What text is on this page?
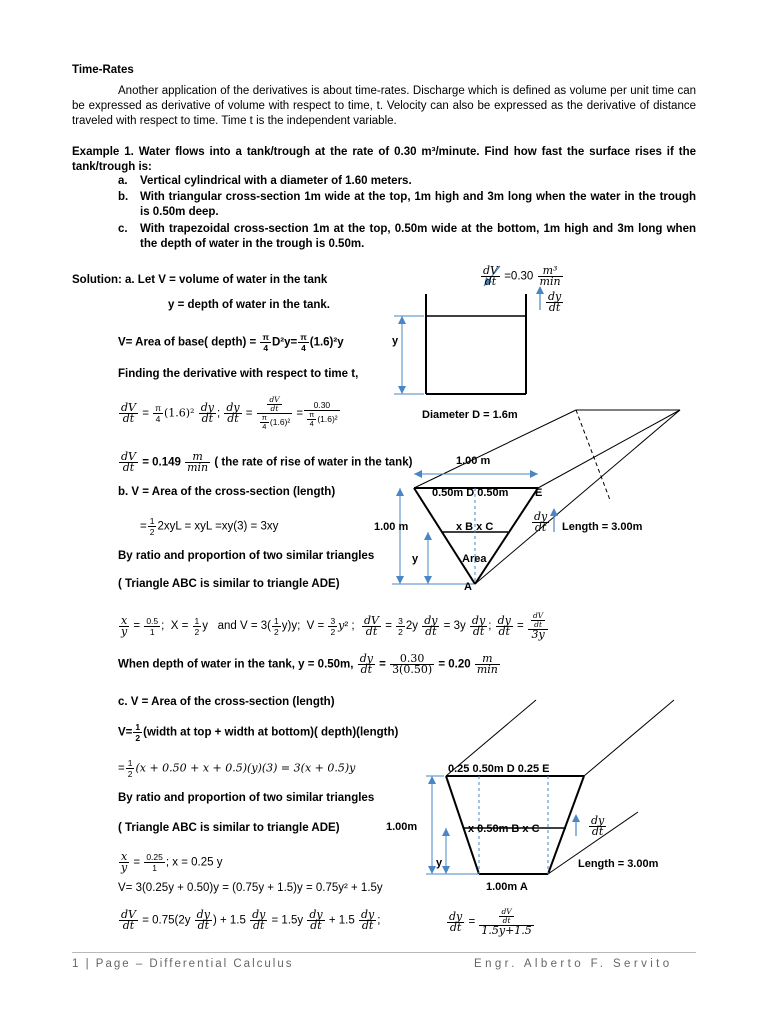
Time-Rates
Another application of the derivatives is about time-rates. Discharge which is defined as volume per unit time can be expressed as derivative of volume with respect to time, t. Velocity can also be expressed as the derivative of distance traveled with respect to time. Time t is the independent variable.
Example 1. Water flows into a tank/trough at the rate of 0.30 m³/minute. Find how fast the surface rises if the tank/trough is:
a. Vertical cylindrical with a diameter of 1.60 meters.
b. With triangular cross-section 1m wide at the top, 1m high and 3m long when the water in the trough is 0.50m deep.
c. With trapezoidal cross-section 1m at the top, 0.50m wide at the bottom, 1m high and 3m long when the depth of water in the trough is 0.50m.
Solution: a. Let V = volume of water in the tank
y = depth of water in the tank.
V= Area of base( depth) = $\frac{\pi}{4} D^2y= \frac{\pi}{4} (1.6)^2y$
Finding the derivative with respect to time t,
$\frac{dV}{dt} = \frac{\pi}{4} (1.6)^2 \frac{dy}{dt}$ ; $\frac{dy}{dt} = \frac{\frac{dV}{dt}}{\frac{\pi}{4} (1.6)^2} = \frac{0.30}{\frac{\pi}{4} (1.6)^2}$
$\frac{dV}{dt} = 0.149 \frac{m}{\min}$ ( the rate of rise of water in the tank)
b. V = Area of the cross-section (length)
= $\frac{1}{2} 2xyL$ = xyL =xy(3) = 3xy
By ratio and proportion of two similar triangles
( Triangle ABC is similar to triangle ADE)
$\frac{x}{y} = \frac{0.5}{1}$ ;  $X = \frac{1}{2}$ y   and $V = 3( \frac{1}{2} y)y$;  $V = \frac{3}{2} y^2$ ; $\frac{dV}{dt} = \frac{3}{2} 2y \frac{dy}{dt} = 3y \frac{dy}{dt}$ ; $\frac{dy}{dt} = \frac{\frac{dV}{dt}}{3y}$
When depth of water in the tank, y = 0.50m, $\frac{dy}{dt} = \frac{0.30}{3(0.50)} = 0.20 \frac{m}{\min}$
c. V = Area of the cross-section (length)
$V= \frac{1}{2}$ (width at top + width at bottom)( depth)(length)
= $\frac{1}{2} (x + 0.50 + x + 0.5)(y)(3) = 3(x + 0.5)y$
By ratio and proportion of two similar triangles
( Triangle ABC is similar to triangle ADE)
$\frac{x}{y} = \frac{0.25}{1}$ ; x = 0.25 y
V= 3(0.25y + 0.50)y = (0.75y + 1.5)y = 0.75y² + 1.5y
$\frac{dV}{dt} = 0.75(2y \frac{dy}{dt}$ ) + $1.5 \frac{dy}{dt} = 1.5y \frac{dy}{dt} + 1.5 \frac{dy}{dt}$ ;	$\frac{dy}{dt} = \frac{\frac{dV}{dt}}{1.5y+1.5}$
y
Diameter D = 1.6m
$\frac{dV}{dt} =0.30 \frac{\text{m³}}{\min}$
$\frac{dy}{dt}$
1.00 m
0.50m D 0.50m E
1.00 m	x B x C	Length = 3.00m
y	Area
A
$\frac{dy}{dt}$
0.25 0.50m D 0.25 E
1.00m	x 0.50m B x C
Length = 3.00m
y
1.00m A
$\frac{dy}{dt}$
1 | Page – Differential Calculus	Engr. Alberto F. Servito
